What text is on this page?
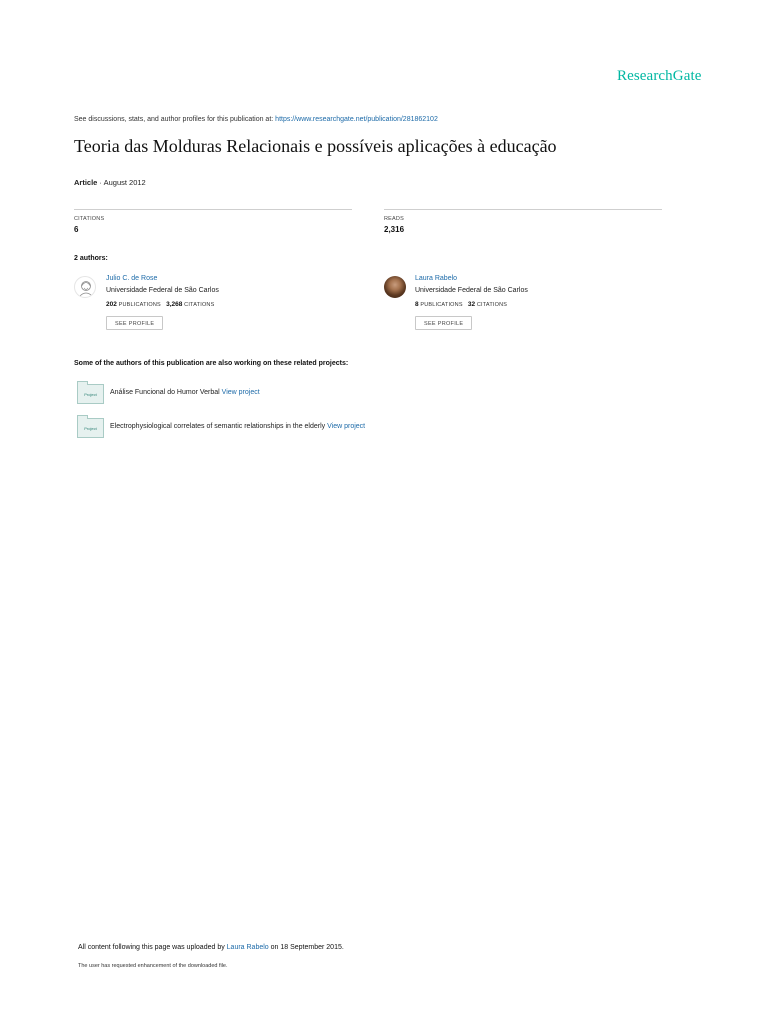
ResearchGate
See discussions, stats, and author profiles for this publication at: https://www.researchgate.net/publication/281862102
Teoria das Molduras Relacionais e possíveis aplicações à educação
Article · August 2012
CITATIONS
6
READS
2,316
2 authors:
Julio C. de Rose
Universidade Federal de São Carlos
202 PUBLICATIONS 3,268 CITATIONS
SEE PROFILE
Laura Rabelo
Universidade Federal de São Carlos
8 PUBLICATIONS 32 CITATIONS
SEE PROFILE
Some of the authors of this publication are also working on these related projects:
Project	Análise Funcional do Humor Verbal View project
Project	Electrophysiological correlates of semantic relationships in the elderly View project
All content following this page was uploaded by Laura Rabelo on 18 September 2015.
The user has requested enhancement of the downloaded file.
